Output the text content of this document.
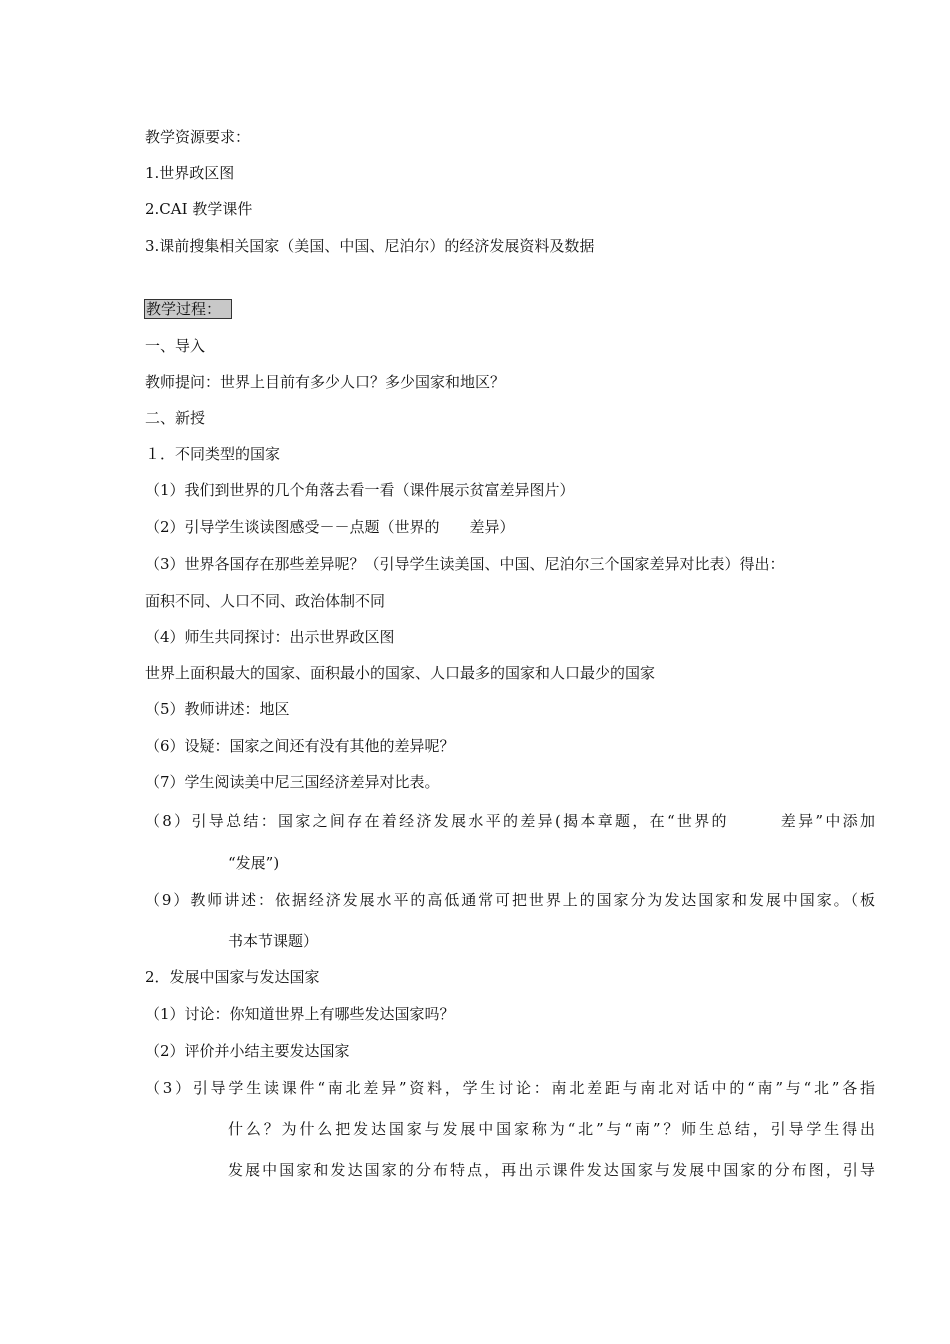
教学资源要求：
1.世界政区图
2.CAI 教学课件
3.课前搜集相关国家（美国、中国、尼泊尔）的经济发展资料及数据
教学过程：
一、导入
教师提问：世界上目前有多少人口？多少国家和地区？
二、新授
１．不同类型的国家
（1）我们到世界的几个角落去看一看（课件展示贫富差异图片）
（2）引导学生谈读图感受－－点题（世界的　　差异）
（3）世界各国存在那些差异呢？（引导学生读美国、中国、尼泊尔三个国家差异对比表）得出：
面积不同、人口不同、政治体制不同
（4）师生共同探讨：出示世界政区图
世界上面积最大的国家、面积最小的国家、人口最多的国家和人口最少的国家
（5）教师讲述：地区
（6）设疑：国家之间还有没有其他的差异呢？
（7）学生阅读美中尼三国经济差异对比表。
（8）引导总结：国家之间存在着经济发展水平的差异(揭本章题，在“世界的　　　差异”中添加
“发展”)
（9）教师讲述：依据经济发展水平的高低通常可把世界上的国家分为发达国家和发展中国家。（板
书本节课题）
2．发展中国家与发达国家
（1）讨论：你知道世界上有哪些发达国家吗？
（2）评价并小结主要发达国家
（3）引导学生读课件“南北差异”资料，学生讨论：南北差距与南北对话中的“南”与“北”各指
什么？为什么把发达国家与发展中国家称为“北”与“南”？师生总结，引导学生得出
发展中国家和发达国家的分布特点，再出示课件发达国家与发展中国家的分布图，引导
